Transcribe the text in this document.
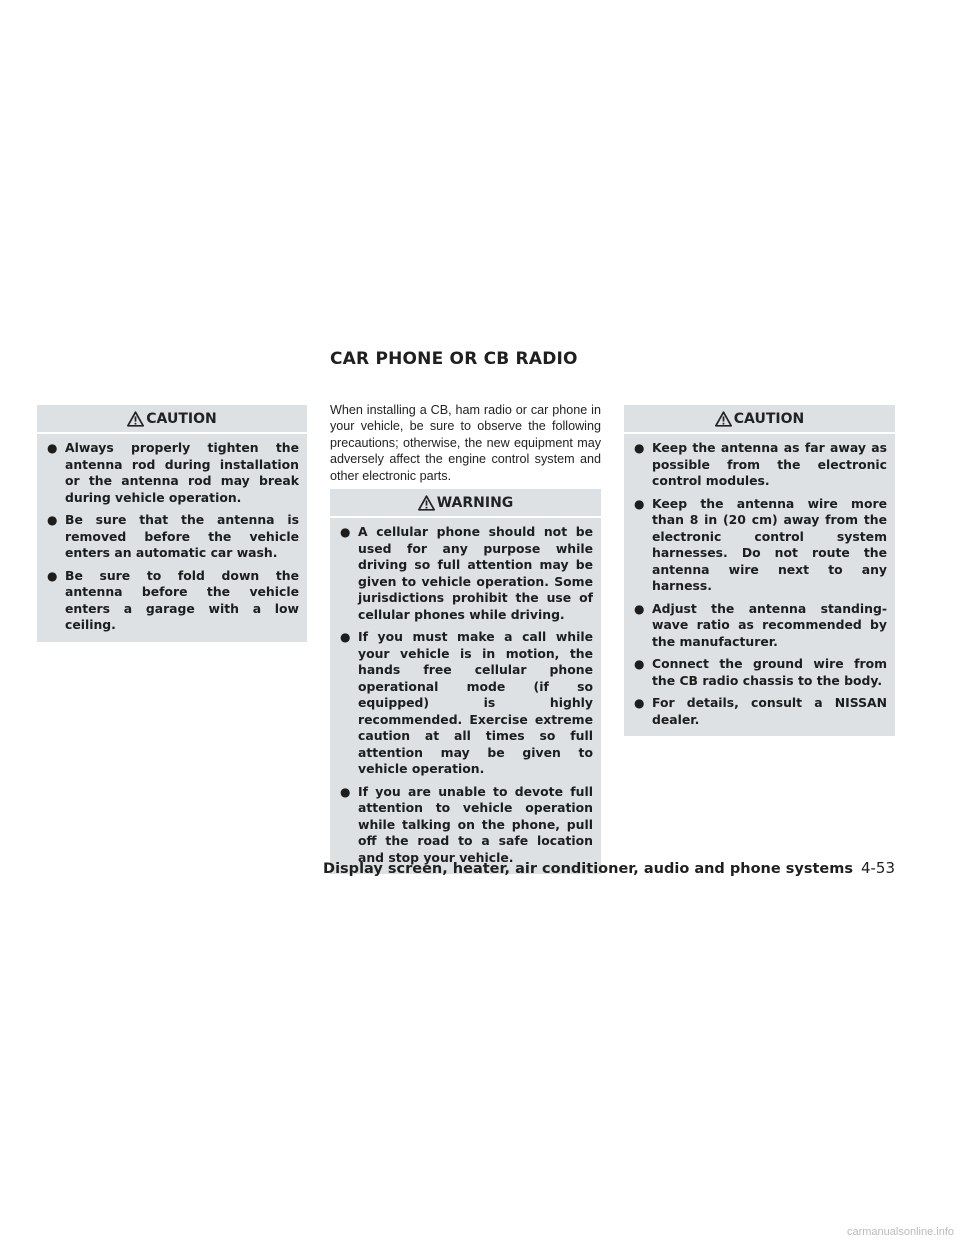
CAR PHONE OR CB RADIO
CAUTION
● Always properly tighten the antenna rod during installation or the antenna rod may break during vehicle operation.
● Be sure that the antenna is removed before the vehicle enters an automatic car wash.
● Be sure to fold down the antenna before the vehicle enters a garage with a low ceiling.

When installing a CB, ham radio or car phone in your vehicle, be sure to observe the following precautions; otherwise, the new equipment may adversely affect the engine control system and other electronic parts.

WARNING
● A cellular phone should not be used for any purpose while driving so full attention may be given to vehicle operation. Some jurisdictions prohibit the use of cellular phones while driving.
● If you must make a call while your vehicle is in motion, the hands free cellular phone operational mode (if so equipped) is highly recommended. Exercise extreme caution at all times so full attention may be given to vehicle operation.
● If you are unable to devote full attention to vehicle operation while talking on the phone, pull off the road to a safe location and stop your vehicle.
CAUTION
● Keep the antenna as far away as possible from the electronic control modules.
● Keep the antenna wire more than 8 in (20 cm) away from the electronic control system harnesses. Do not route the antenna wire next to any harness.
● Adjust the antenna standing-wave ratio as recommended by the manufacturer.
● Connect the ground wire from the CB radio chassis to the body.
● For details, consult a NISSAN dealer.
Display screen, heater, air conditioner, audio and phone systems 4-53
carmanualsonline.info
